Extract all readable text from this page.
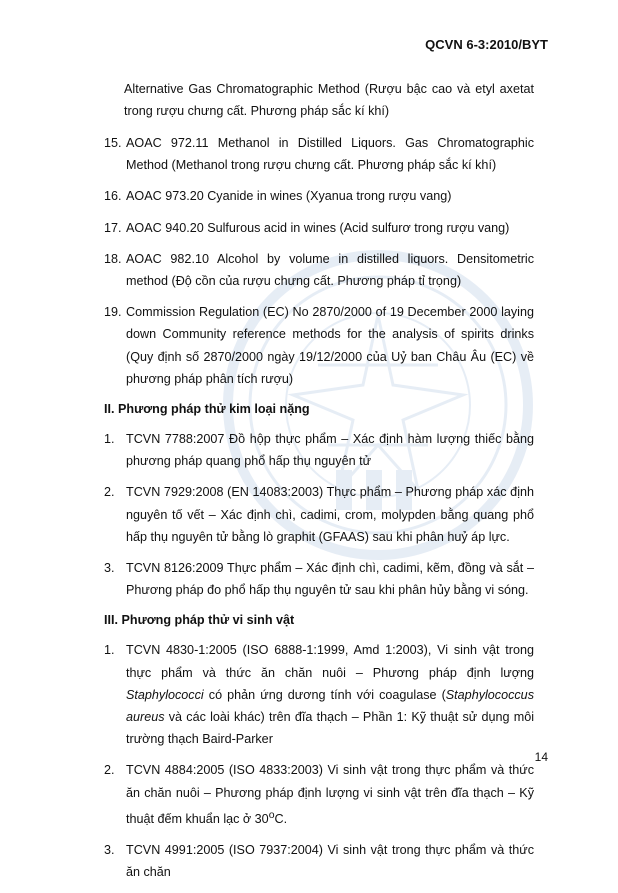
QCVN 6-3:2010/BYT

Alternative Gas Chromatographic Method (Rượu bậc cao và etyl axetat trong rượu chưng cất. Phương pháp sắc kí khí)

15. AOAC 972.11 Methanol in Distilled Liquors. Gas Chromatographic Method (Methanol trong rượu chưng cất. Phương pháp sắc kí khí)
16. AOAC 973.20 Cyanide in wines (Xyanua trong rượu vang)
17. AOAC 940.20 Sulfurous acid in wines (Acid sulfurơ trong rượu vang)
18. AOAC 982.10 Alcohol by volume in distilled liquors. Densitometric method (Độ cồn của rượu chưng cất. Phương pháp tỉ trọng)
19. Commission Regulation (EC) No 2870/2000 of 19 December 2000 laying down Community reference methods for the analysis of spirits drinks (Quy định số 2870/2000 ngày 19/12/2000 của Uỷ ban Châu Âu (EC) về phương pháp phân tích rượu)
II. Phương pháp thử kim loại nặng
1. TCVN 7788:2007 Đồ hộp thực phẩm – Xác định hàm lượng thiếc bằng phương pháp quang phổ hấp thụ nguyên tử
2. TCVN 7929:2008 (EN 14083:2003) Thực phẩm – Phương pháp xác định nguyên tố vết – Xác định chì, cadimi, crom, molypden bằng quang phổ hấp thụ nguyên tử bằng lò graphit (GFAAS) sau khi phân huỷ áp lực.
3. TCVN 8126:2009 Thực phẩm – Xác định chì, cadimi, kẽm, đồng và sắt – Phương pháp đo phổ hấp thụ nguyên tử sau khi phân hủy bằng vi sóng.
III. Phương pháp thử vi sinh vật
1. TCVN 4830-1:2005 (ISO 6888-1:1999, Amd 1:2003), Vi sinh vật trong thực phẩm và thức ăn chăn nuôi – Phương pháp định lượng Staphylococci có phản ứng dương tính với coagulase (Staphylococcus aureus và các loài khác) trên đĩa thạch – Phần 1: Kỹ thuật sử dụng môi trường thạch Baird-Parker
2. TCVN 4884:2005 (ISO 4833:2003) Vi sinh vật trong thực phẩm và thức ăn chăn nuôi – Phương pháp định lượng vi sinh vật trên đĩa thạch – Kỹ thuật đếm khuẩn lạc ở 30$^o$C.
3. TCVN 4991:2005 (ISO 7937:2004) Vi sinh vật trong thực phẩm và thức ăn chăn
14
